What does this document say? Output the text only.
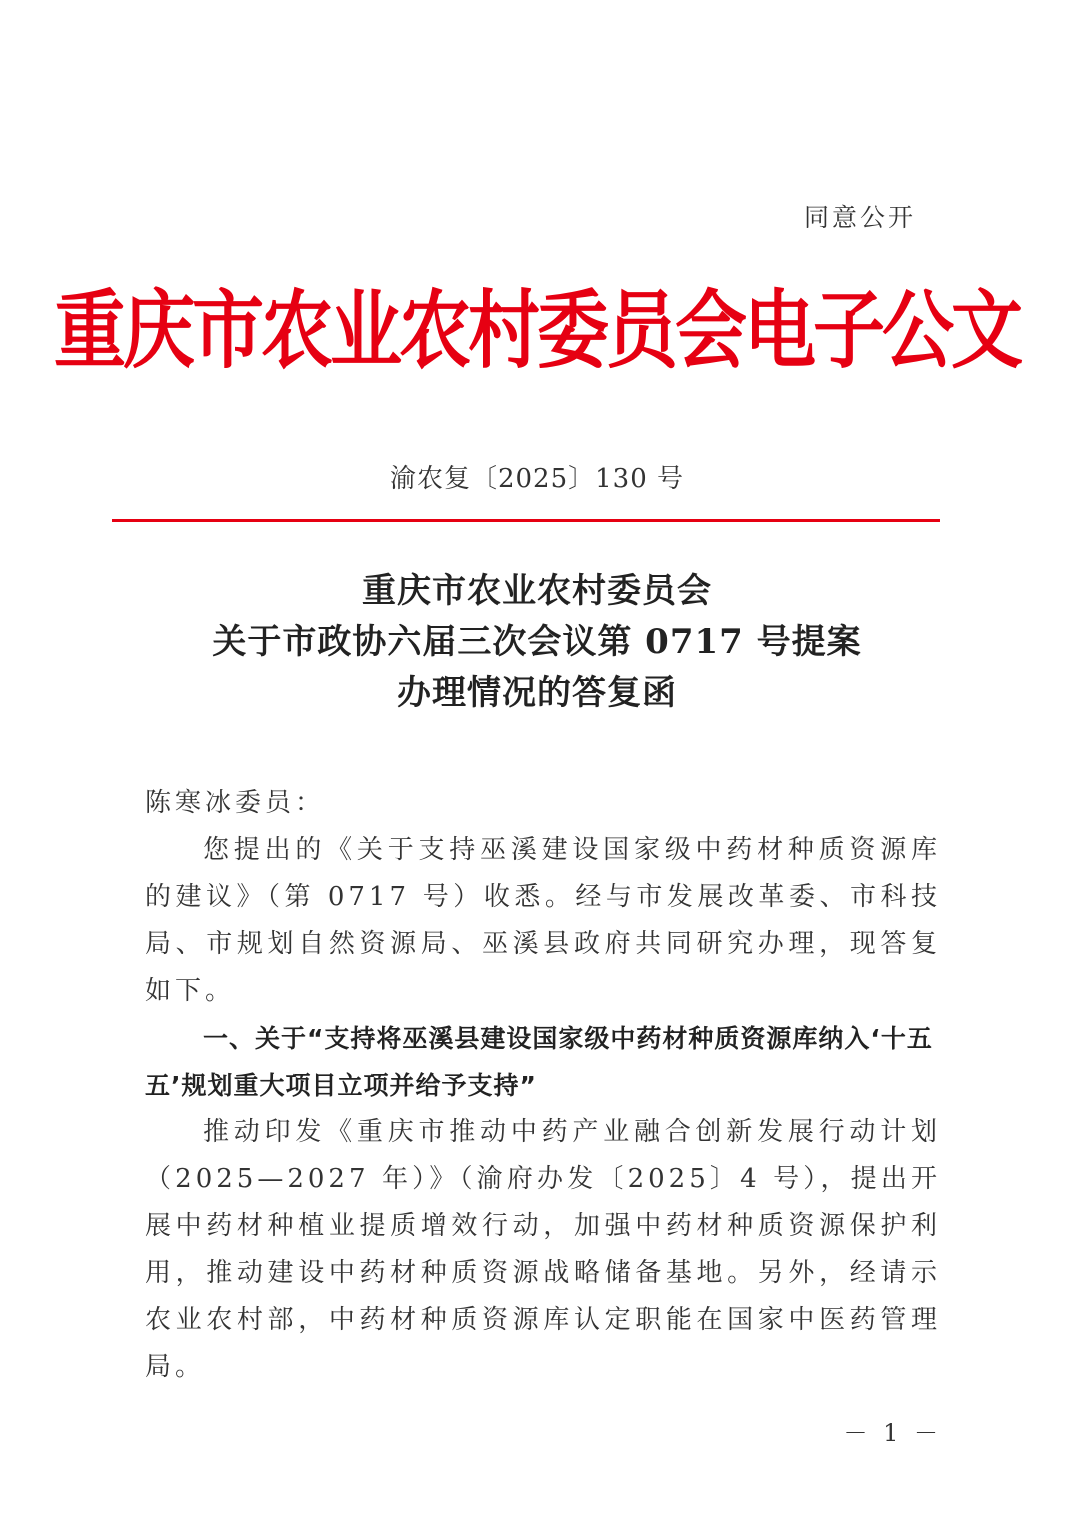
同意公开
重庆市农业农村委员会电子公文
渝农复〔2025〕130 号
重庆市农业农村委员会
关于市政协六届三次会议第 0717 号提案
办理情况的答复函

陈寒冰委员：

您提出的《关于支持巫溪建设国家级中药材种质资源库的建议》（第 0717 号）收悉。经与市发展改革委、市科技局、市规划自然资源局、巫溪县政府共同研究办理，现答复如下。

一、关于“支持将巫溪县建设国家级中药材种质资源库纳入‘十五五’规划重大项目立项并给予支持”

推动印发《重庆市推动中药产业融合创新发展行动计划（2025—2027 年）》（渝府办发〔2025〕4 号），提出开展中药材种植业提质增效行动，加强中药材种质资源保护利用，推动建设中药材种质资源战略储备基地。另外，经请示农业农村部，中药材种质资源库认定职能在国家中医药管理局。

－ 1 －
